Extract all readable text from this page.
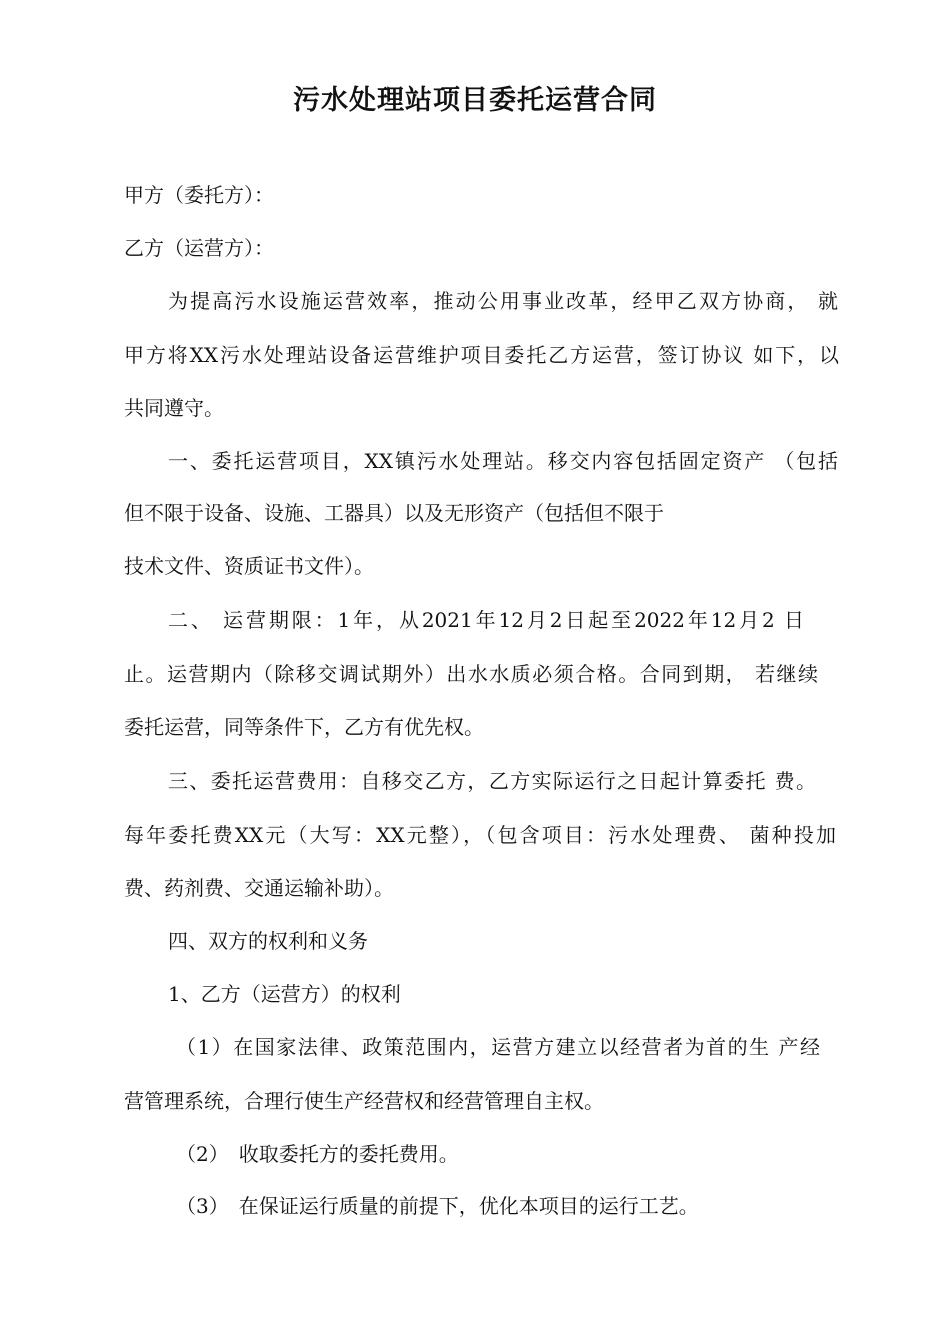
污水处理站项目委托运营合同
甲方（委托方）：
乙方（运营方）：
为提高污水设施运营效率，推动公用事业改革，经甲乙双方协商， 就
甲方将XX污水处理站设备运营维护项目委托乙方运营，签订协议 如下，以
共同遵守。
一、委托运营项目，XX镇污水处理站。移交内容包括固定资产 （包括
但不限于设备、设施、工器具）以及无形资产（包括但不限于
技术文件、资质证书文件）。
二、 运营期限：1年，从2021年12月2日起至2022年12月2 日
止。运营期内（除移交调试期外）出水水质必须合格。合同到期， 若继续
委托运营，同等条件下，乙方有优先权。
三、委托运营费用：自移交乙方，乙方实际运行之日起计算委托 费。
每年委托费XX元（大写：XX元整），（包含项目：污水处理费、 菌种投加
费、药剂费、交通运输补助）。
四、双方的权利和义务
1、乙方（运营方）的权利
（1）在国家法律、政策范围内，运营方建立以经营者为首的生 产经
营管理系统，合理行使生产经营权和经营管理自主权。
（2）　收取委托方的委托费用。
（3）　在保证运行质量的前提下，优化本项目的运行工艺。
